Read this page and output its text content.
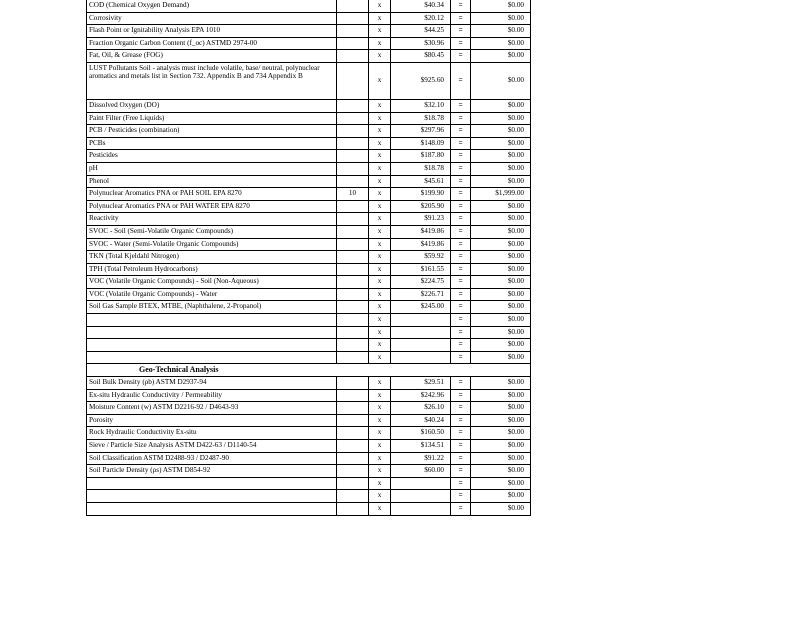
COD (Chemical Oxygen Demand)		x	$40.34	=	$0.00
Corrosivity		x	$20.12	=	$0.00
Flash Point or Ignitability Analysis EPA 1010		x	$44.25	=	$0.00
Fraction Organic Carbon Content (f_oc) ASTMD 2974-00		x	$30.96	=	$0.00
Fat, Oil, & Grease (FOG)		x	$80.45	=	$0.00
LUST Pollutants Soil - analysis must include volatile, base/ neutral, polynuclear aromatics and metals list in Section 732. Appendix B and 734 Appendix B		x	$925.60	=	$0.00
Dissolved Oxygen (DO)		x	$32.10	=	$0.00
Paint Filter (Free Liquids)		x	$18.78	=	$0.00
PCB / Pesticides (combination)		x	$297.96	=	$0.00
PCBs		x	$148.09	=	$0.00
Pesticides		x	$187.80	=	$0.00
pH		x	$18.78	=	$0.00
Phenol		x	$45.61	=	$0.00
Polynuclear Aromatics PNA or PAH SOIL EPA 8270	10	x	$199.90	=	$1,999.00
Polynuclear Aromatics PNA or PAH WATER EPA 8270		x	$205.90	=	$0.00
Reactivity		x	$91.23	=	$0.00
SVOC - Soil (Semi-Volatile Organic Compounds)		x	$419.86	=	$0.00
SVOC - Water (Semi-Volatile Organic Compounds)		x	$419.86	=	$0.00
TKN (Total Kjeldahl Nitrogen)		x	$59.92	=	$0.00
TPH (Total Petroleum Hydrocarbons)		x	$161.55	=	$0.00
VOC (Volatile Organic Compounds) - Soil (Non-Aqueous)		x	$224.75	=	$0.00
VOC (Volatile Organic Compounds) - Water		x	$226.71	=	$0.00
Soil Gas Sample BTEX, MTBE, (Naphthalene, 2-Propanol)		x	$245.00	=	$0.00
		x		=	$0.00
		x		=	$0.00
		x		=	$0.00
		x		=	$0.00
Geo-Technical Analysis					
Soil Bulk Density (ρb) ASTM D2937-94		x	$29.51	=	$0.00
Ex-situ Hydraulic Conductivity / Permeability		x	$242.96	=	$0.00
Moisture Content (w) ASTM D2216-92 / D4643-93		x	$26.10	=	$0.00
Porosity		x	$40.24	=	$0.00
Rock Hydraulic Conductivity Ex-situ		x	$160.50	=	$0.00
Sieve / Particle Size Analysis ASTM D422-63 / D1140-54		x	$134.51	=	$0.00
Soil Classification ASTM D2488-93 / D2487-90		x	$91.22	=	$0.00
Soil Particle Density (ρs) ASTM D854-92		x	$60.00	=	$0.00
		x		=	$0.00
		x		=	$0.00
		x		=	$0.00
